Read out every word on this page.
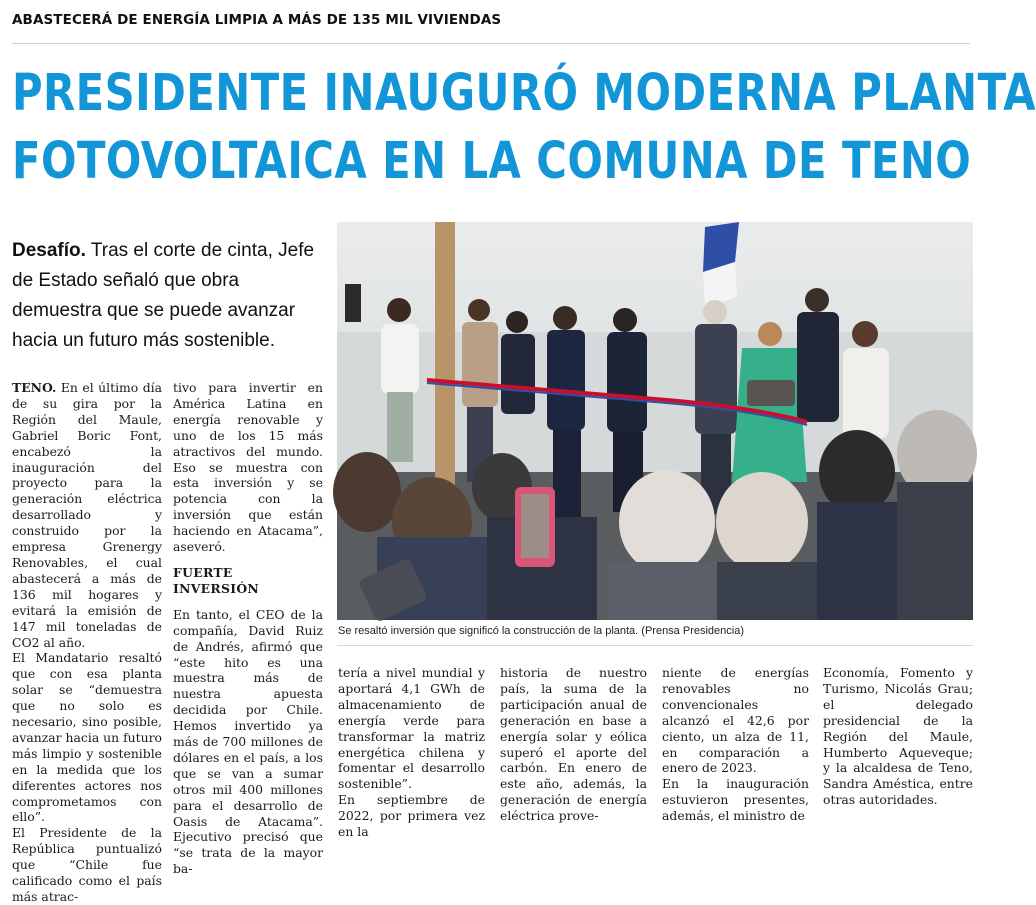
ABASTECERÁ DE ENERGÍA LIMPIA A MÁS DE 135 MIL VIVIENDAS
PRESIDENTE INAUGURÓ MODERNA PLANTA
FOTOVOLTAICA EN LA COMUNA DE TENO

Desafío. Tras el corte de cinta, Jefe de Estado señaló que obra demuestra que se puede avanzar hacia un futuro más sostenible.

TENO. En el último día de su gira por la Región del Maule, Gabriel Boric Font, encabezó la inauguración del proyecto para la generación eléctrica desarrollado y construido por la empresa Grenergy Renovables, el cual abastecerá a más de 136 mil hogares y evitará la emisión de 147 mil toneladas de CO2 al año.

El Mandatario resaltó que con esa planta solar se “demuestra que no solo es necesario, sino posible, avanzar hacia un futuro más limpio y sostenible en la medida que los diferentes actores nos comprometamos con ello”.

El Presidente de la República puntualizó que “Chile fue calificado como el país más atrac-

tivo para invertir en América Latina en energía renovable y uno de los 15 más atractivos del mundo. Eso se muestra con esta inversión y se potencia con la inversión que están haciendo en Atacama”, aseveró.

FUERTE INVERSIÓN

En tanto, el CEO de la compañía, David Ruiz de Andrés, afirmó que “este hito es una muestra más de nuestra apuesta decidida por Chile. Hemos invertido ya más de 700 millones de dólares en el país, a los que se van a sumar otros mil 400 millones para el desarrollo de Oasis de Atacama”. Ejecutivo precisó que “se trata de la mayor ba-

Se resaltó inversión que significó la construcción de la planta. (Prensa Presidencia)

tería a nivel mundial y aportará 4,1 GWh de almacenamiento de energía verde para transformar la matriz energética chilena y fomentar el desarrollo sostenible”.

En septiembre de 2022, por primera vez en la

historia de nuestro país, la suma de la participación anual de generación en base a energía solar y eólica superó el aporte del carbón. En enero de este año, además, la generación de energía eléctrica prove-

niente de energías renovables no convencionales alcanzó el 42,6 por ciento, un alza de 11, en comparación a enero de 2023.

En la inauguración estuvieron presentes, además, el ministro de

Economía, Fomento y Turismo, Nicolás Grau; el delegado presidencial de la Región del Maule, Humberto Aqueveque; y la alcaldesa de Teno, Sandra Améstica, entre otras autoridades.
